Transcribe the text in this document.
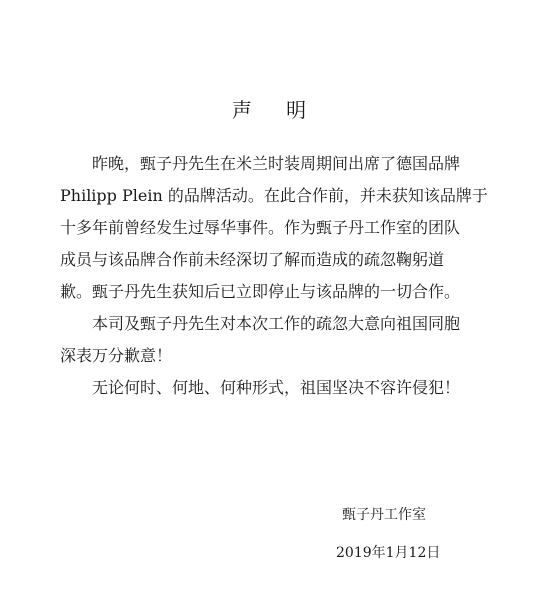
声 明
昨晚，甄子丹先生在米兰时装周期间出席了德国品牌
Philipp Plein 的品牌活动。在此合作前，并未获知该品牌于
十多年前曾经发生过辱华事件。作为甄子丹工作室的团队
成员与该品牌合作前未经深切了解而造成的疏忽鞠躬道
歉。甄子丹先生获知后已立即停止与该品牌的一切合作。
本司及甄子丹先生对本次工作的疏忽大意向祖国同胞
深表万分歉意！
无论何时、何地、何种形式，祖国坚决不容许侵犯！
甄子丹工作室
2019年1月12日
